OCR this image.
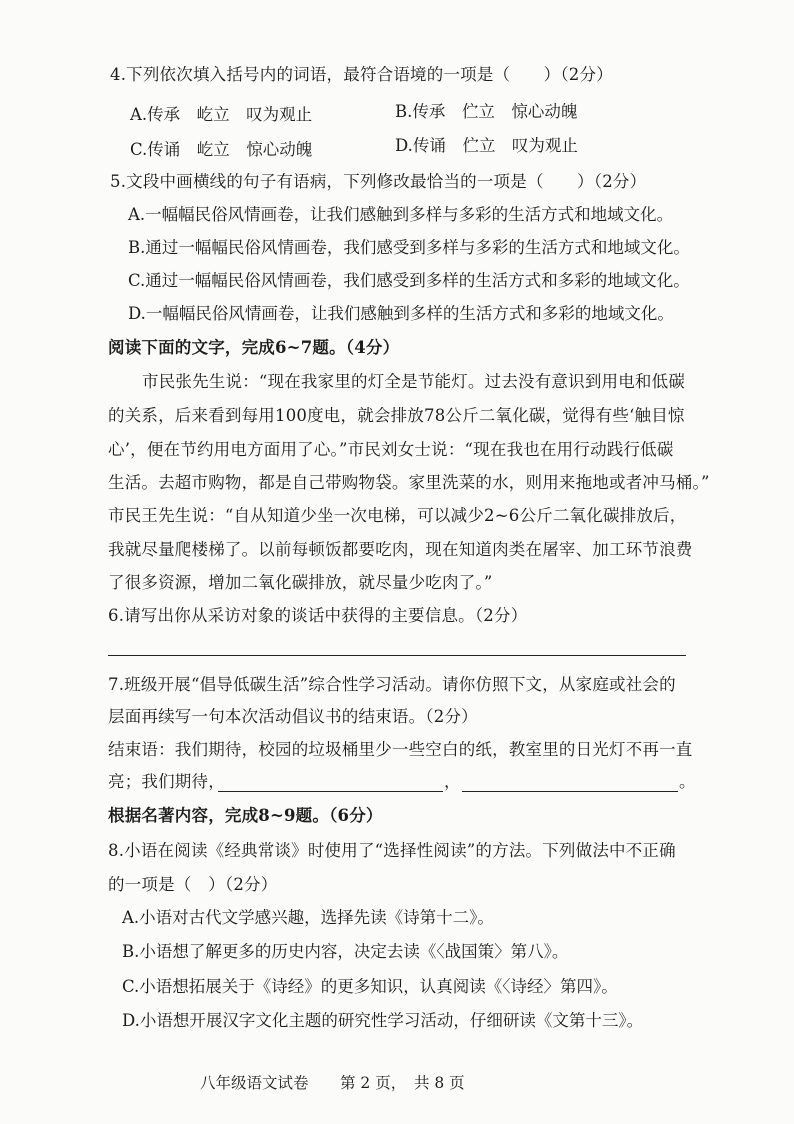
4.下列依次填入括号内的词语，最符合语境的一项是（　　）（2分）
A.传承　屹立　叹为观止	B.传承　伫立　惊心动魄
C.传诵　屹立　惊心动魄	D.传诵　伫立　叹为观止
5.文段中画横线的句子有语病，下列修改最恰当的一项是（　　）（2分）
A.一幅幅民俗风情画卷，让我们感触到多样与多彩的生活方式和地域文化。
B.通过一幅幅民俗风情画卷，我们感受到多样与多彩的生活方式和地域文化。
C.通过一幅幅民俗风情画卷，我们感受到多样的生活方式和多彩的地域文化。
D.一幅幅民俗风情画卷，让我们感触到多样的生活方式和多彩的地域文化。
阅读下面的文字，完成6~7题。（4分）
市民张先生说：“现在我家里的灯全是节能灯。过去没有意识到用电和低碳
的关系，后来看到每用100度电，就会排放78公斤二氧化碳，觉得有些‘触目惊
心’，便在节约用电方面用了心。”市民刘女士说：“现在我也在用行动践行低碳
生活。去超市购物，都是自己带购物袋。家里洗菜的水，则用来拖地或者冲马桶。”
市民王先生说：“自从知道少坐一次电梯，可以减少2~6公斤二氧化碳排放后，
我就尽量爬楼梯了。以前每顿饭都要吃肉，现在知道肉类在屠宰、加工环节浪费
了很多资源，增加二氧化碳排放，就尽量少吃肉了。”
6.请写出你从采访对象的谈话中获得的主要信息。（2分）
7.班级开展“倡导低碳生活”综合性学习活动。请你仿照下文，从家庭或社会的
层面再续写一句本次活动倡议书的结束语。（2分）
结束语：我们期待，校园的垃圾桶里少一些空白的纸，教室里的日光灯不再一直
亮；我们期待，	，	。
根据名著内容，完成8~9题。（6分）
8.小语在阅读《经典常谈》时使用了“选择性阅读”的方法。下列做法中不正确
的一项是（　）（2分）
A.小语对古代文学感兴趣，选择先读《诗第十二》。
B.小语想了解更多的历史内容，决定去读《〈战国策〉第八》。
C.小语想拓展关于《诗经》的更多知识，认真阅读《〈诗经〉第四》。
D.小语想开展汉字文化主题的研究性学习活动，仔细研读《文第十三》。
八年级语文试卷 第 2 页，　共 8 页
